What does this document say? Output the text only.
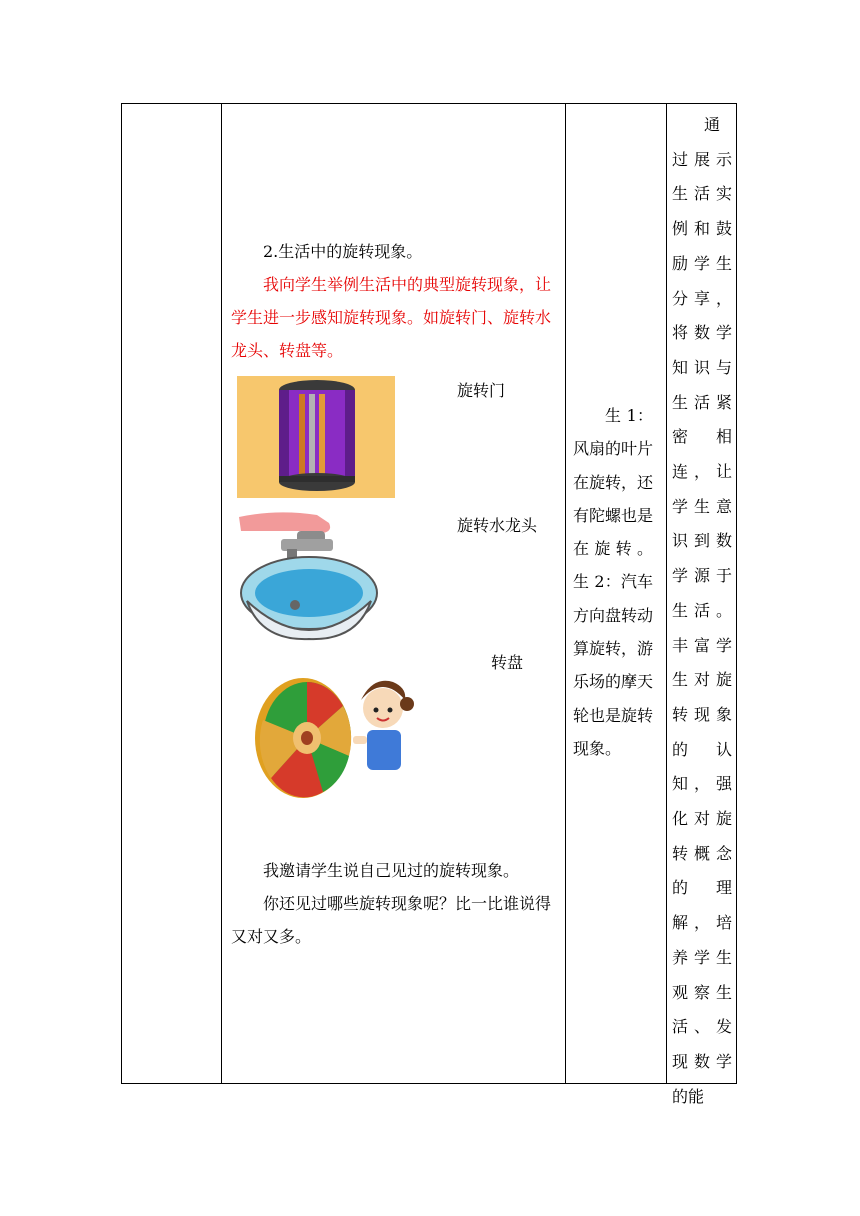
2.生活中的旋转现象。
我向学生举例生活中的典型旋转现象，让学生进一步感知旋转现象。如旋转门、旋转水龙头、转盘等。
旋转门
旋转水龙头
转盘
我邀请学生说自己见过的旋转现象。
你还见过哪些旋转现象呢？比一比谁说得又对又多。
生 1：风扇的叶片在旋转，还有陀螺也是在旋转。 生 2：汽车方向盘转动算旋转，游乐场的摩天轮也是旋转现象。
通过展示生活实例和鼓励学生分享，将数学知识与生活紧密相连，让学生意识到数学源于生活。丰富学生对旋转现象的认知，强化对旋转概念的理解，培养学生观察生活、发现数学的能
